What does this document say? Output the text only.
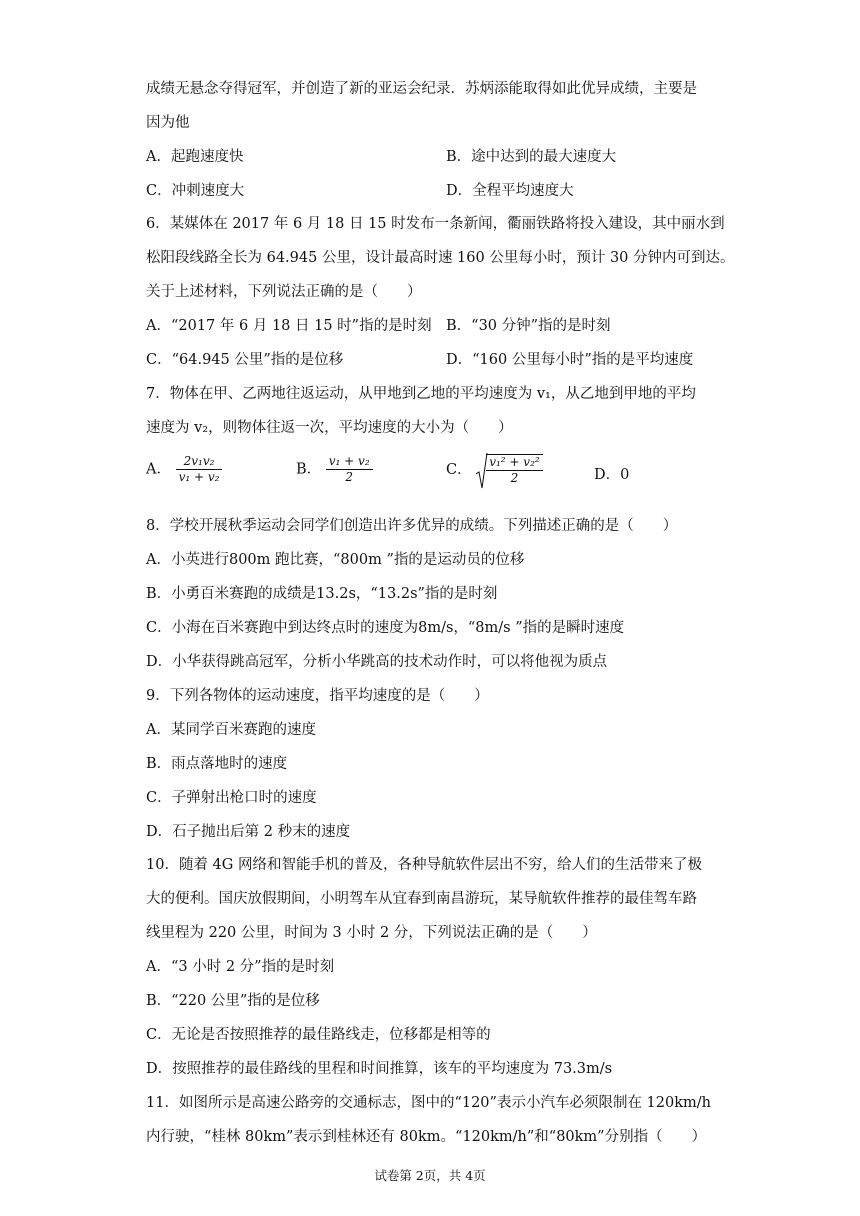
成绩无悬念夺得冠军，并创造了新的亚运会纪录．苏炳添能取得如此优异成绩，主要是
因为他
A．起跑速度快	B．途中达到的最大速度大
C．冲刺速度大	D．全程平均速度大
6．某媒体在 2017 年 6 月 18 日 15 时发布一条新闻，衢丽铁路将投入建设，其中丽水到
松阳段线路全长为 64.945 公里，设计最高时速 160 公里每小时，预计 30 分钟内可到达。
关于上述材料，下列说法正确的是（　　）
A．“2017 年 6 月 18 日 15 时”指的是时刻 B．“30 分钟”指的是时刻
C．“64.945 公里”指的是位移	D．“160 公里每小时”指的是平均速度
7．物体在甲、乙两地往返运动，从甲地到乙地的平均速度为 v₁，从乙地到甲地的平均
速度为 v₂，则物体往返一次，平均速度的大小为（　　）
A． $\frac{\text{2v₁v₂}}{\text{v₁ + v₂}}$	B． $\frac{\text{v₁ + v₂}}{2}$	C． $\frac{\text{v₁² + v₂²}}{2}$	D．0
8．学校开展秋季运动会同学们创造出许多优异的成绩。下列描述正确的是（　　）
A．小英进行800m 跑比赛，“800m ”指的是运动员的位移
B．小勇百米赛跑的成绩是13.2s，“13.2s”指的是时刻
C．小海在百米赛跑中到达终点时的速度为8m/s，“8m/s ”指的是瞬时速度
D．小华获得跳高冠军，分析小华跳高的技术动作时，可以将他视为质点
9．下列各物体的运动速度，指平均速度的是（　　）
A．某同学百米赛跑的速度
B．雨点落地时的速度
C．子弹射出枪口时的速度
D．石子抛出后第 2 秒末的速度
10．随着 4G 网络和智能手机的普及，各种导航软件层出不穷，给人们的生活带来了极
大的便利。国庆放假期间，小明驾车从宜春到南昌游玩，某导航软件推荐的最佳驾车路
线里程为 220 公里，时间为 3 小时 2 分，下列说法正确的是（　　）
A．“3 小时 2 分”指的是时刻
B．“220 公里”指的是位移
C．无论是否按照推荐的最佳路线走，位移都是相等的
D．按照推荐的最佳路线的里程和时间推算，该车的平均速度为 73.3m/s
11．如图所示是高速公路旁的交通标志，图中的“120”表示小汽车必须限制在 120km/h
内行驶，“桂林 80km”表示到桂林还有 80km。“120km/h”和“80km”分别指（　　）
试卷第 2页，共 4页
